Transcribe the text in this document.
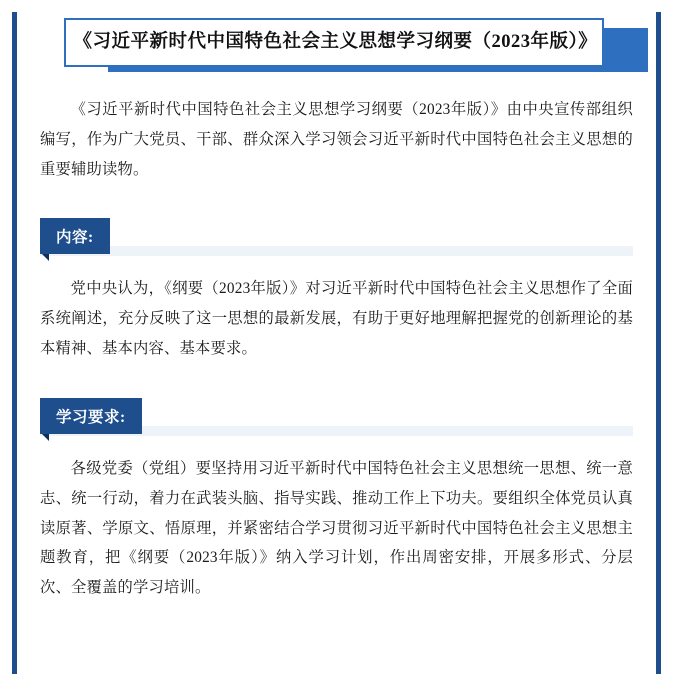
《习近平新时代中国特色社会主义思想学习纲要（2023年版）》

《习近平新时代中国特色社会主义思想学习纲要（2023年版）》由中央宣传部组织编写，作为广大党员、干部、群众深入学习领会习近平新时代中国特色社会主义思想的重要辅助读物。

内容:

党中央认为，《纲要（2023年版）》对习近平新时代中国特色社会主义思想作了全面系统阐述，充分反映了这一思想的最新发展，有助于更好地理解把握党的创新理论的基本精神、基本内容、基本要求。

学习要求:

各级党委（党组）要坚持用习近平新时代中国特色社会主义思想统一思想、统一意志、统一行动，着力在武装头脑、指导实践、推动工作上下功夫。要组织全体党员认真读原著、学原文、悟原理，并紧密结合学习贯彻习近平新时代中国特色社会主义思想主题教育，把《纲要（2023年版）》纳入学习计划，作出周密安排，开展多形式、分层次、全覆盖的学习培训。
